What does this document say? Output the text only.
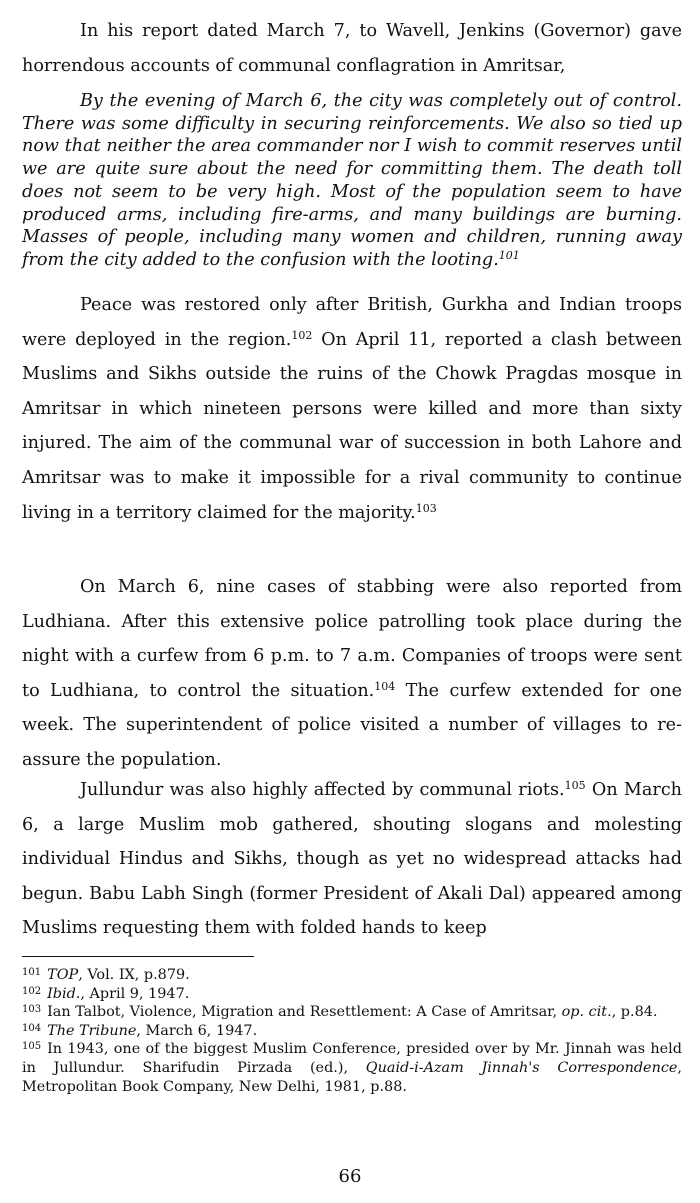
In his report dated March 7, to Wavell, Jenkins (Governor) gave horrendous accounts of communal conflagration in Amritsar,

By the evening of March 6, the city was completely out of control. There was some difficulty in securing reinforcements. We also so tied up now that neither the area commander nor I wish to commit reserves until we are quite sure about the need for committing them. The death toll does not seem to be very high. Most of the population seem to have produced arms, including fire-arms, and many buildings are burning. Masses of people, including many women and children, running away from the city added to the confusion with the looting.$^{101}$

Peace was restored only after British, Gurkha and Indian troops were deployed in the region.$^{102}$ On April 11, reported a clash between Muslims and Sikhs outside the ruins of the Chowk Pragdas mosque in Amritsar in which nineteen persons were killed and more than sixty injured. The aim of the communal war of succession in both Lahore and Amritsar was to make it impossible for a rival community to continue living in a territory claimed for the majority.$^{103}$

On March 6, nine cases of stabbing were also reported from Ludhiana. After this extensive police patrolling took place during the night with a curfew from 6 p.m. to 7 a.m. Companies of troops were sent to Ludhiana, to control the situation.$^{104}$ The curfew extended for one week. The superintendent of police visited a number of villages to re-assure the population.

Jullundur was also highly affected by communal riots.$^{105}$ On March 6, a large Muslim mob gathered, shouting slogans and molesting individual Hindus and Sikhs, though as yet no widespread attacks had begun. Babu Labh Singh (former President of Akali Dal) appeared among Muslims requesting them with folded hands to keep

$^{101}$ TOP, Vol. IX, p.879.

$^{102}$ Ibid., April 9, 1947.

$^{103}$ Ian Talbot, Violence, Migration and Resettlement: A Case of Amritsar, op. cit., p.84.

$^{104}$ The Tribune, March 6, 1947.

$^{105}$ In 1943, one of the biggest Muslim Conference, presided over by Mr. Jinnah was held in Jullundur. Sharifudin Pirzada (ed.), Quaid-i-Azam Jinnah's Correspondence, Metropolitan Book Company, New Delhi, 1981, p.88.

66
